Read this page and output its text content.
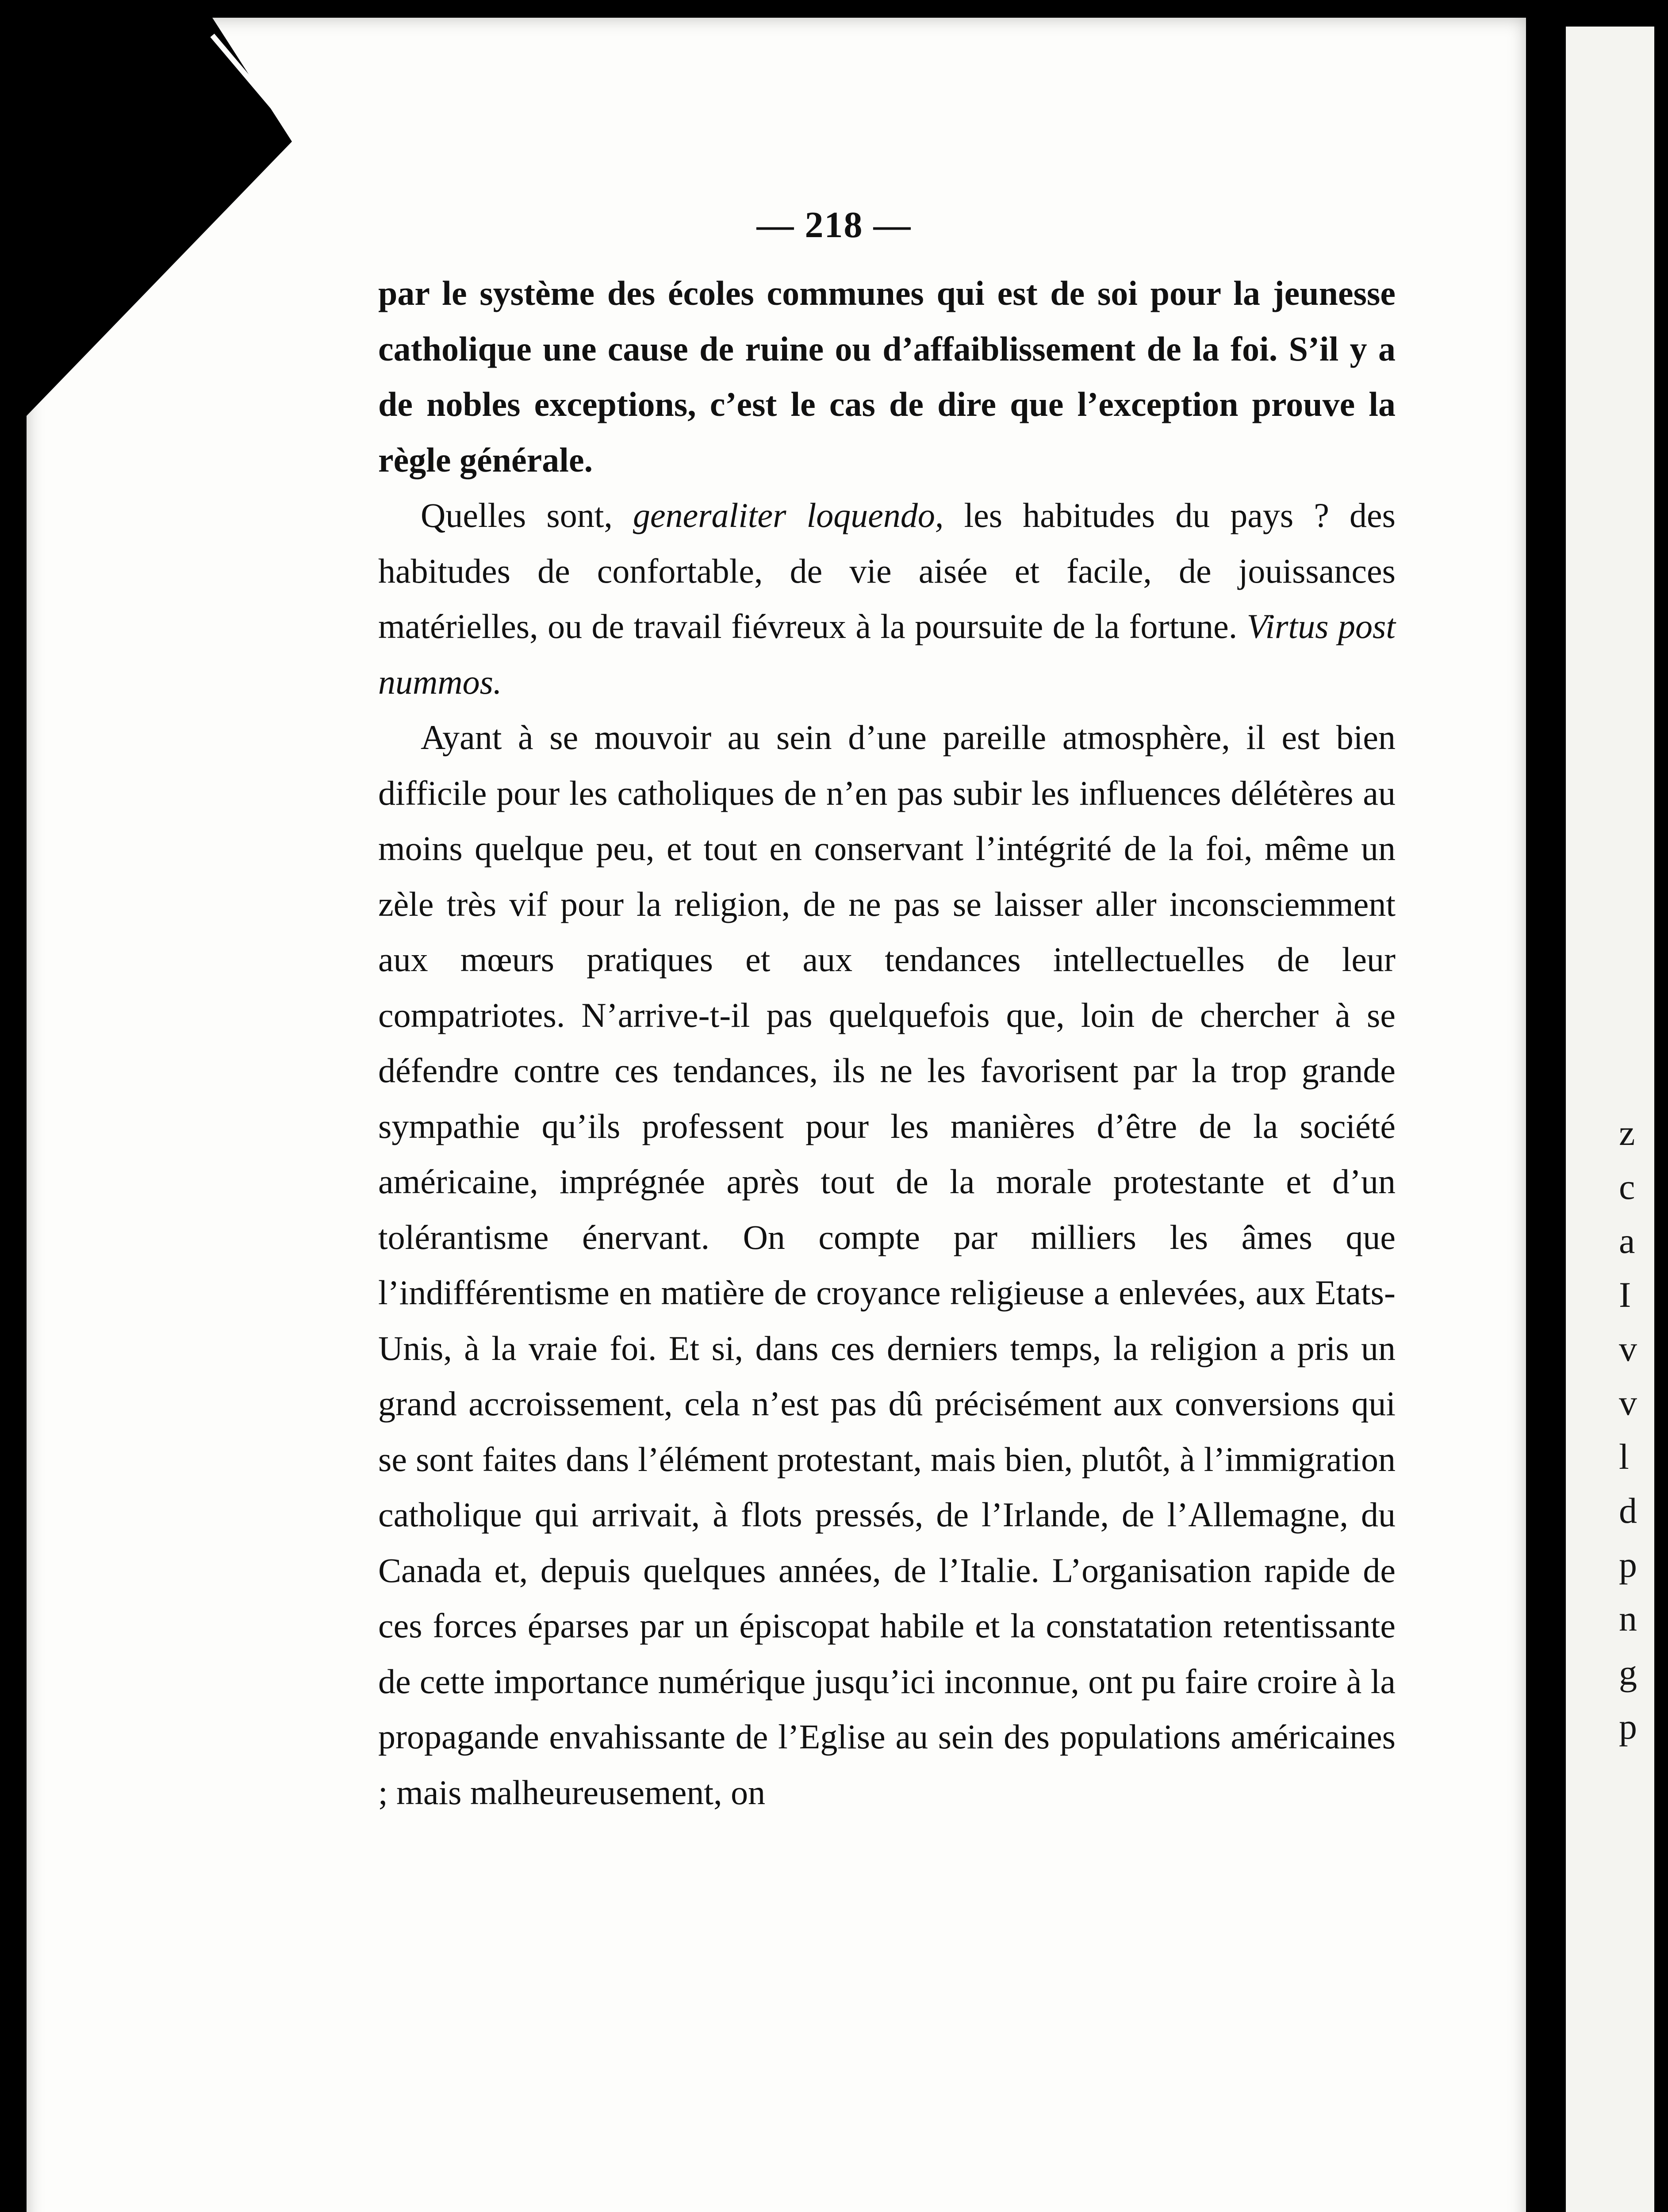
z
c
a
I
v
v
l
d
p
n
g
p
— 218 —

par le système des écoles communes qui est de soi pour la jeunesse catholique une cause de ruine ou d’affaiblissement de la foi. S’il y a de nobles exceptions, c’est le cas de dire que l’exception prouve la règle générale.

Quelles sont, generaliter loquendo, les habitudes du pays ? des habitudes de confortable, de vie aisée et facile, de jouissances matérielles, ou de travail fiévreux à la poursuite de la fortune. Virtus post nummos.

Ayant à se mouvoir au sein d’une pareille atmosphère, il est bien difficile pour les catholiques de n’en pas subir les influences délétères au moins quelque peu, et tout en conservant l’intégrité de la foi, même un zèle très vif pour la religion, de ne pas se laisser aller inconsciemment aux mœurs pratiques et aux tendances intellectuelles de leur compatriotes. N’arrive-t-il pas quelquefois que, loin de chercher à se défendre contre ces tendances, ils ne les favorisent par la trop grande sympathie qu’ils professent pour les manières d’être de la société américaine, imprégnée après tout de la morale protestante et d’un tolérantisme énervant. On compte par milliers les âmes que l’indifférentisme en matière de croyance religieuse a enlevées, aux Etats-Unis, à la vraie foi. Et si, dans ces derniers temps, la religion a pris un grand accroissement, cela n’est pas dû précisément aux conversions qui se sont faites dans l’élément protestant, mais bien, plutôt, à l’immigration catholique qui arrivait, à flots pressés, de l’Irlande, de l’Allemagne, du Canada et, depuis quelques années, de l’Italie. L’organisation rapide de ces forces éparses par un épiscopat habile et la constatation retentissante de cette importance numérique jusqu’ici inconnue, ont pu faire croire à la propagande envahissante de l’Eglise au sein des populations américaines ; mais malheureusement, on
